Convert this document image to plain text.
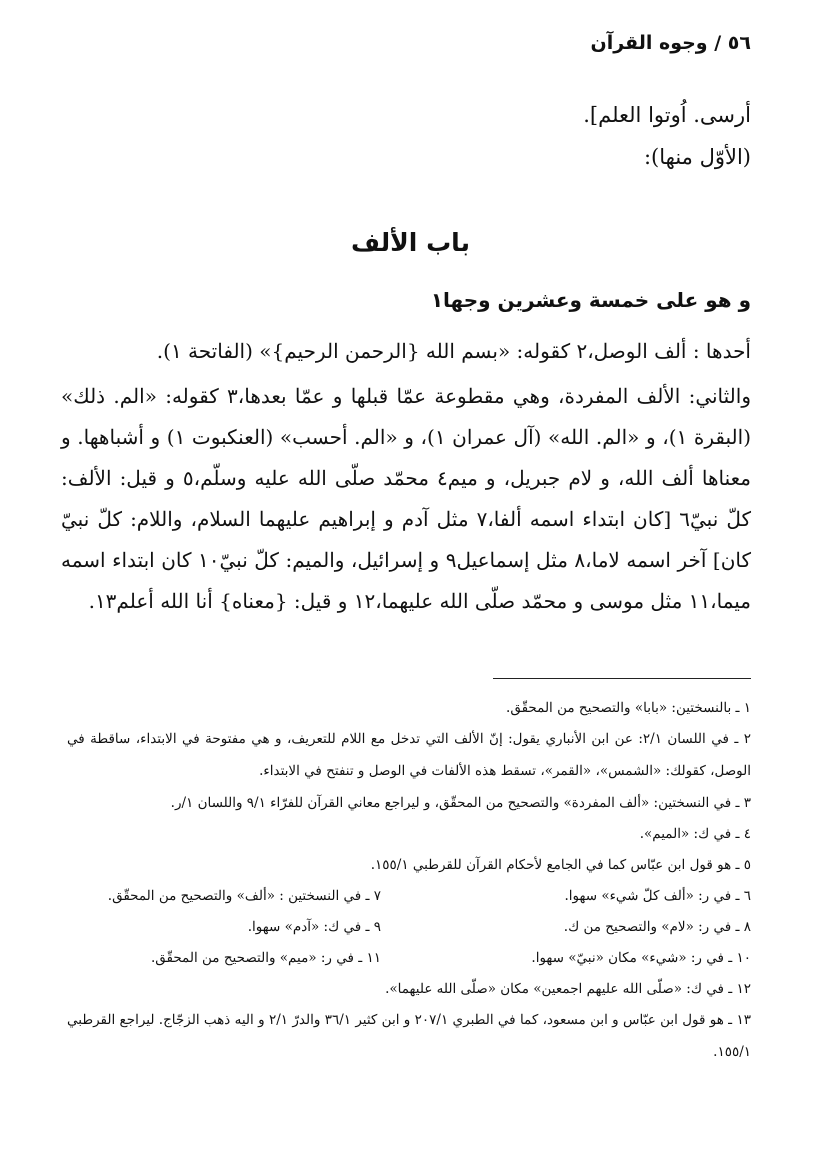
٥٦ / وجوه القرآن
أرسى. اُوتوا العلم].
(الأوّل منها):
باب الألف
و هو على خمسة وعشرين وجها١
أحدها : ألف الوصل،٢ كقوله: «بسم الله {الرحمن الرحيم}» (الفاتحة ١).
والثاني: الألف المفردة، وهي مقطوعة عمّا قبلها و عمّا بعدها،٣ كقوله: «الم. ذلك» (البقرة ١)، و «الم. الله» (آل عمران ١)، و «الم. أحسب» (العنكبوت ١) و أشباهها. و معناها ألف الله، و لام جبريل، و ميم٤ محمّد صلّى الله عليه وسلّم،٥ و قيل: الألف: كلّ نبيّ٦ [كان ابتداء اسمه ألفا،٧ مثل آدم و إبراهيم عليهما السلام، واللام: كلّ نبيّ كان] آخر اسمه لاما،٨ مثل إسماعيل٩ و إسرائيل، والميم: كلّ نبيّ١٠ كان ابتداء اسمه ميما،١١ مثل موسى و محمّد صلّى الله عليهما،١٢ و قيل: {معناه} أنا الله أعلم١٣.
١ ـ بالنسختين: «بابا» والتصحيح من المحقّق.
٢ ـ في اللسان ٢/١: عن ابن الأنباري يقول: إنّ الألف التي تدخل مع اللام للتعريف، و هي مفتوحة في الابتداء، ساقطة في الوصل، كقولك: «الشمس»، «القمر»، تسقط هذه الألفات في الوصل و تنفتح في الابتداء.
٣ ـ في النسختين: «ألف المفردة» والتصحيح من المحقّق، و ليراجع معاني القرآن للفرّاء ٩/١ واللسان ١/ر.
٤ ـ في ك: «الميم».
٥ ـ هو قول ابن عبّاس كما في الجامع لأحكام القرآن للقرطبي ١٥٥/١.
٦ ـ في ر: «ألف كلّ شيء» سهوا.
٧ ـ في النسختين : «ألف» والتصحيح من المحقّق.
٨ ـ في ر: «لام» والتصحيح من ك.
٩ ـ في ك: «آدم» سهوا.
١٠ ـ في ر: «شيء» مكان «نبيّ» سهوا.
١١ ـ في ر: «ميم» والتصحيح من المحقّق.
١٢ ـ في ك: «صلّى الله عليهم اجمعين» مكان «صلّى الله عليهما».
١٣ ـ هو قول ابن عبّاس و ابن مسعود، كما في الطبري ٢٠٧/١ و ابن كثير ٣٦/١ والدرّ ٢/١ و اليه ذهب الزجّاج. ليراجع القرطبي ١٥٥/١.
